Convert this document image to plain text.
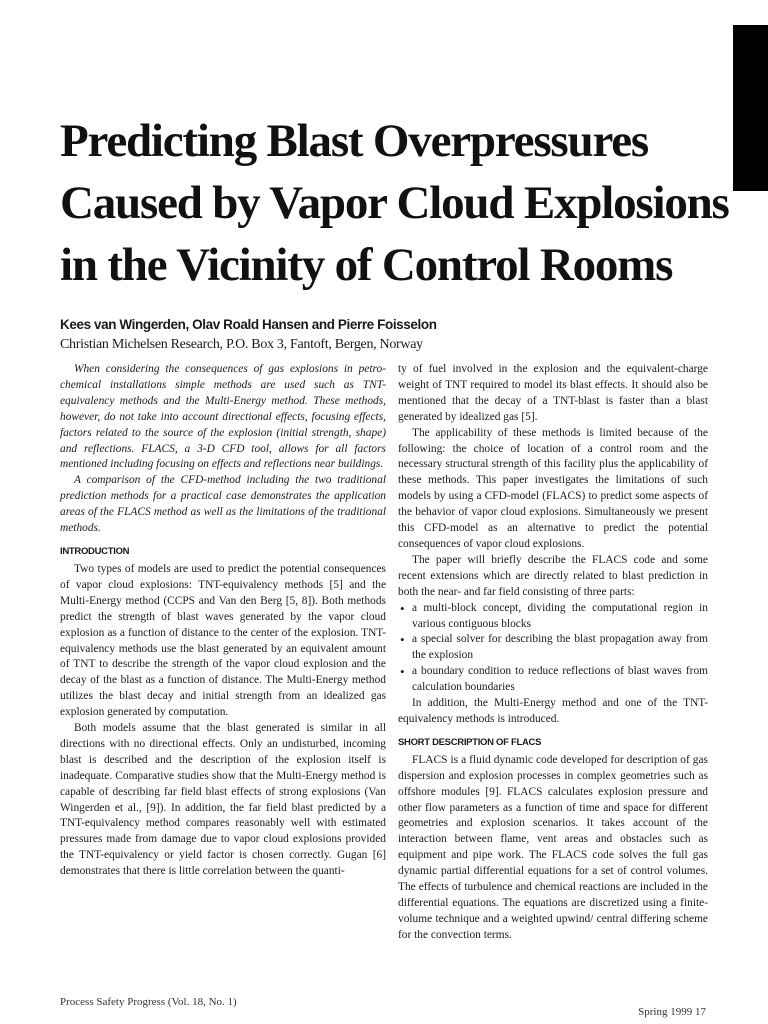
Predicting Blast Overpressures
Caused by Vapor Cloud Explosions
in the Vicinity of Control Rooms

Kees van Wingerden, Olav Roald Hansen and Pierre Foisselon

Christian Michelsen Research, P.O. Box 3, Fantoft, Bergen, Norway

When considering the consequences of gas explosions in petro-chemical installations simple methods are used such as TNT-equivalency methods and the Multi-Energy method. These methods, however, do not take into account directional effects, focusing effects, factors related to the source of the explosion (initial strength, shape) and reflections. FLACS, a 3-D CFD tool, allows for all factors mentioned including focusing on effects and reflections near buildings.

A comparison of the CFD-method including the two traditional prediction methods for a practical case demonstrates the application areas of the FLACS method as well as the limitations of the traditional methods.

INTRODUCTION

Two types of models are used to predict the potential consequences of vapor cloud explosions: TNT-equivalency methods [5] and the Multi-Energy method (CCPS and Van den Berg [5, 8]). Both methods predict the strength of blast waves generated by the vapor cloud explosion as a function of distance to the center of the explosion. TNT-equivalency methods use the blast generated by an equivalent amount of TNT to describe the strength of the vapor cloud explosion and the decay of the blast as a function of distance. The Multi-Energy method utilizes the blast decay and initial strength from an idealized gas explosion generated by computation.

Both models assume that the blast generated is similar in all directions with no directional effects. Only an undisturbed, incoming blast is described and the description of the explosion itself is inadequate. Comparative studies show that the Multi-Energy method is capable of describing far field blast effects of strong explosions (Van Wingerden et al., [9]). In addition, the far field blast predicted by a TNT-equivalency method compares reasonably well with estimated pressures made from damage due to vapor cloud explosions provided the TNT-equivalency or yield factor is chosen correctly. Gugan [6] demonstrates that there is little correlation between the quanti-

ty of fuel involved in the explosion and the equivalent-charge weight of TNT required to model its blast effects. It should also be mentioned that the decay of a TNT-blast is faster than a blast generated by idealized gas [5].

The applicability of these methods is limited because of the following: the choice of location of a control room and the necessary structural strength of this facility plus the applicability of these methods. This paper investigates the limitations of such models by using a CFD-model (FLACS) to predict some aspects of the behavior of vapor cloud explosions. Simultaneously we present this CFD-model as an alternative to predict the potential consequences of vapor cloud explosions.

The paper will briefly describe the FLACS code and some recent extensions which are directly related to blast prediction in both the near- and far field consisting of three parts:

• a multi-block concept, dividing the computational region in various contiguous blocks
• a special solver for describing the blast propagation away from the explosion
• a boundary condition to reduce reflections of blast waves from calculation boundaries

In addition, the Multi-Energy method and one of the TNT-equivalency methods is introduced.

SHORT DESCRIPTION OF FLACS

FLACS is a fluid dynamic code developed for description of gas dispersion and explosion processes in complex geometries such as offshore modules [9]. FLACS calculates explosion pressure and other flow parameters as a function of time and space for different geometries and explosion scenarios. It takes account of the interaction between flame, vent areas and obstacles such as equipment and pipe work. The FLACS code solves the full gas dynamic partial differential equations for a set of control volumes. The effects of turbulence and chemical reactions are included in the differential equations. The equations are discretized using a finite-volume technique and a weighted upwind/ central differing scheme for the convection terms.

Process Safety Progress (Vol. 18, No. 1)
Spring 1999 17
